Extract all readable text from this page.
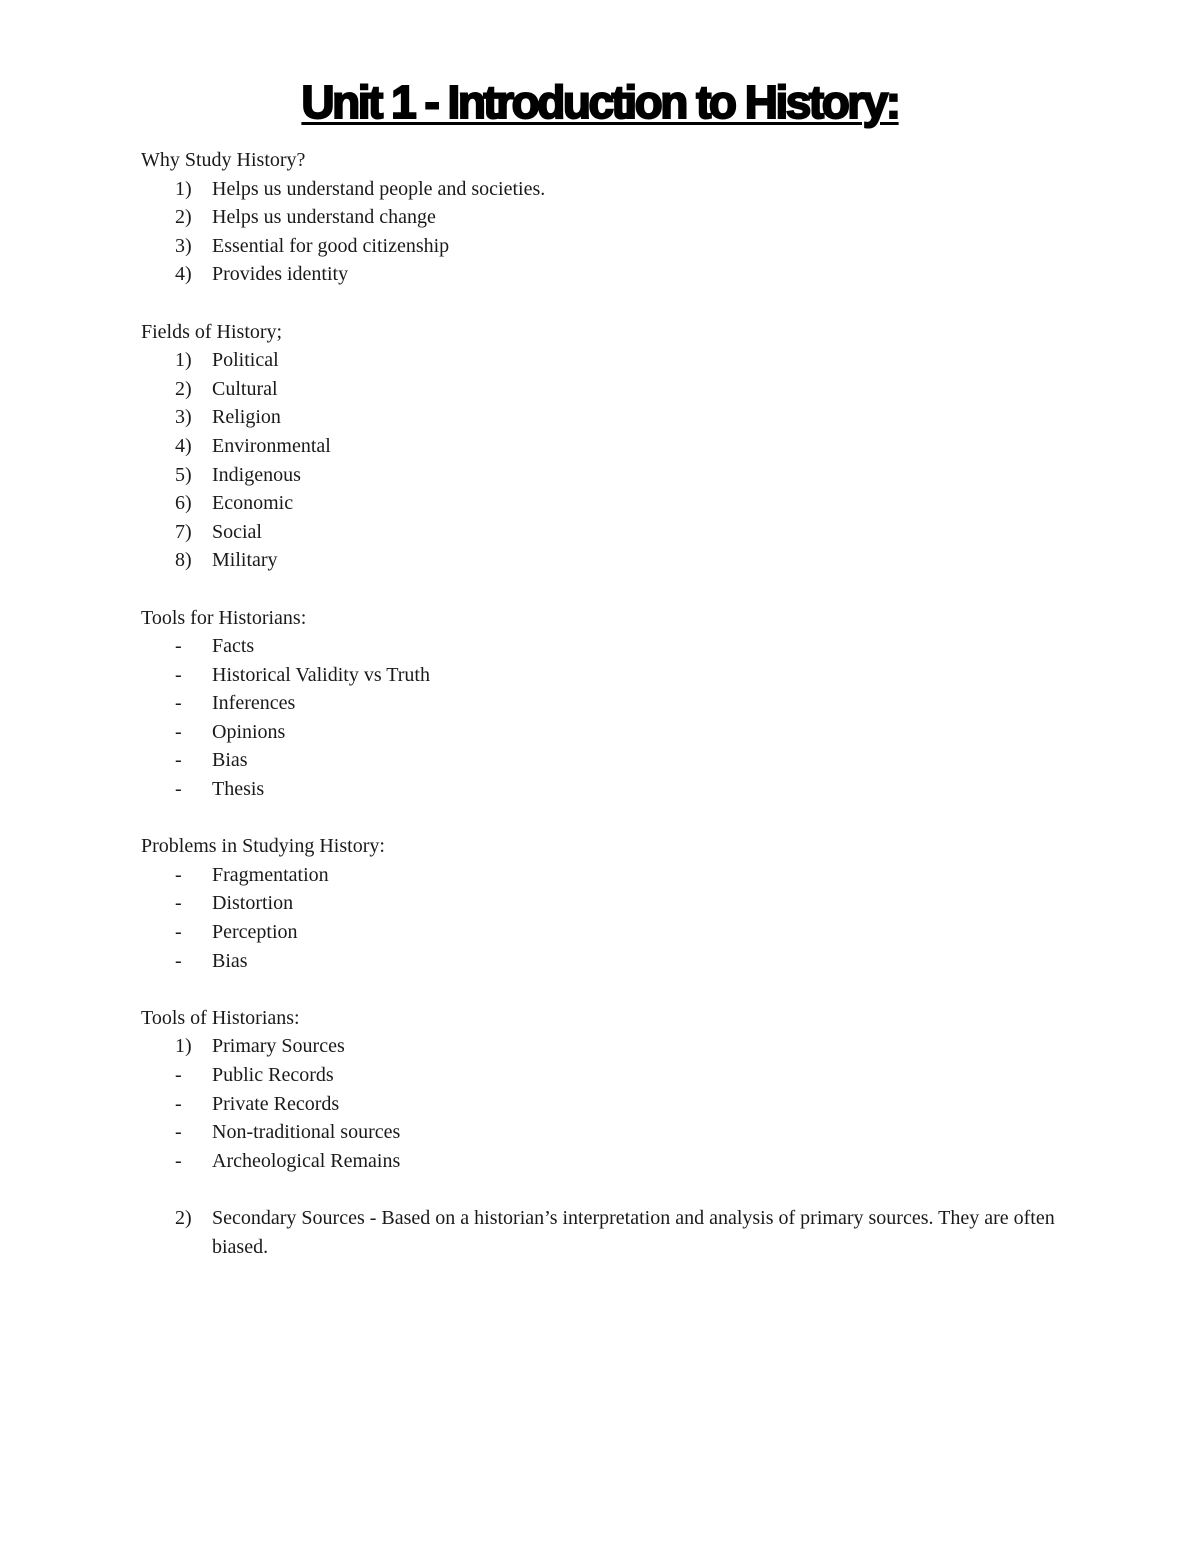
Unit 1 - Introduction to History:
Why Study History?
1)	Helps us understand people and societies.
2)	Helps us understand change
3)	Essential for good citizenship
4)	Provides identity
Fields of History;
1)	Political
2)	Cultural
3)	Religion
4)	Environmental
5)	Indigenous
6)	Economic
7)	Social
8)	Military
Tools for Historians:
-	Facts
-	Historical Validity vs Truth
-	Inferences
-	Opinions
-	Bias
-	Thesis
Problems in Studying History:
-	Fragmentation
-	Distortion
-	Perception
-	Bias
Tools of Historians:
1)	Primary Sources
-	Public Records
-	Private Records
-	Non-traditional sources
-	Archeological Remains
2)	Secondary Sources - Based on a historian’s interpretation and analysis of primary sources. They are often biased.
